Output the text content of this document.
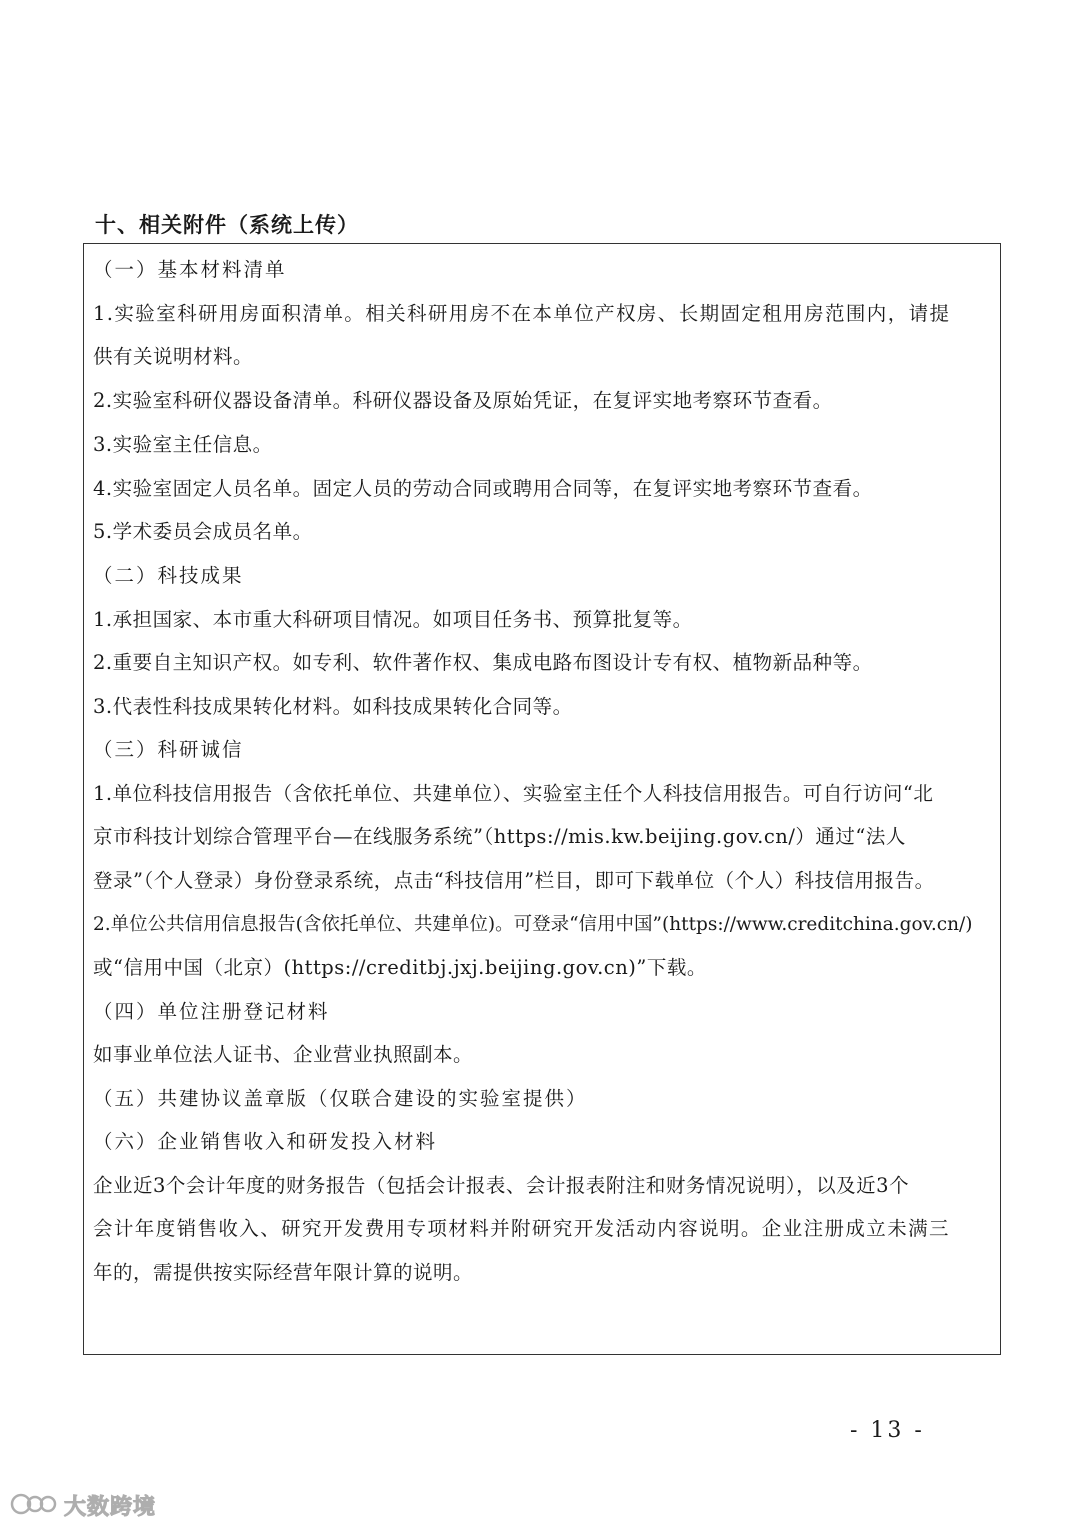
十、相关附件（系统上传）
（一）基本材料清单
1.实验室科研用房面积清单。相关科研用房不在本单位产权房、长期固定租用房范围内，请提
供有关说明材料。
2.实验室科研仪器设备清单。科研仪器设备及原始凭证，在复评实地考察环节查看。
3.实验室主任信息。
4.实验室固定人员名单。固定人员的劳动合同或聘用合同等，在复评实地考察环节查看。
5.学术委员会成员名单。
（二）科技成果
1.承担国家、本市重大科研项目情况。如项目任务书、预算批复等。
2.重要自主知识产权。如专利、软件著作权、集成电路布图设计专有权、植物新品种等。
3.代表性科技成果转化材料。如科技成果转化合同等。
（三）科研诚信
1.单位科技信用报告（含依托单位、共建单位）、实验室主任个人科技信用报告。可自行访问“北
京市科技计划综合管理平台—在线服务系统”（https://mis.kw.beijing.gov.cn/）通过“法人
登录”（个人登录）身份登录系统，点击“科技信用”栏目，即可下载单位（个人）科技信用报告。
2.单位公共信用信息报告(含依托单位、共建单位)。可登录“信用中国”(https://www.creditchina.gov.cn/)
或“信用中国（北京）(https://creditbj.jxj.beijing.gov.cn)”下载。
（四）单位注册登记材料
如事业单位法人证书、企业营业执照副本。
（五）共建协议盖章版（仅联合建设的实验室提供）
（六）企业销售收入和研发投入材料
企业近3个会计年度的财务报告（包括会计报表、会计报表附注和财务情况说明），以及近3个
会计年度销售收入、研究开发费用专项材料并附研究开发活动内容说明。企业注册成立未满三
年的，需提供按实际经营年限计算的说明。
- 13 -
大数跨境
